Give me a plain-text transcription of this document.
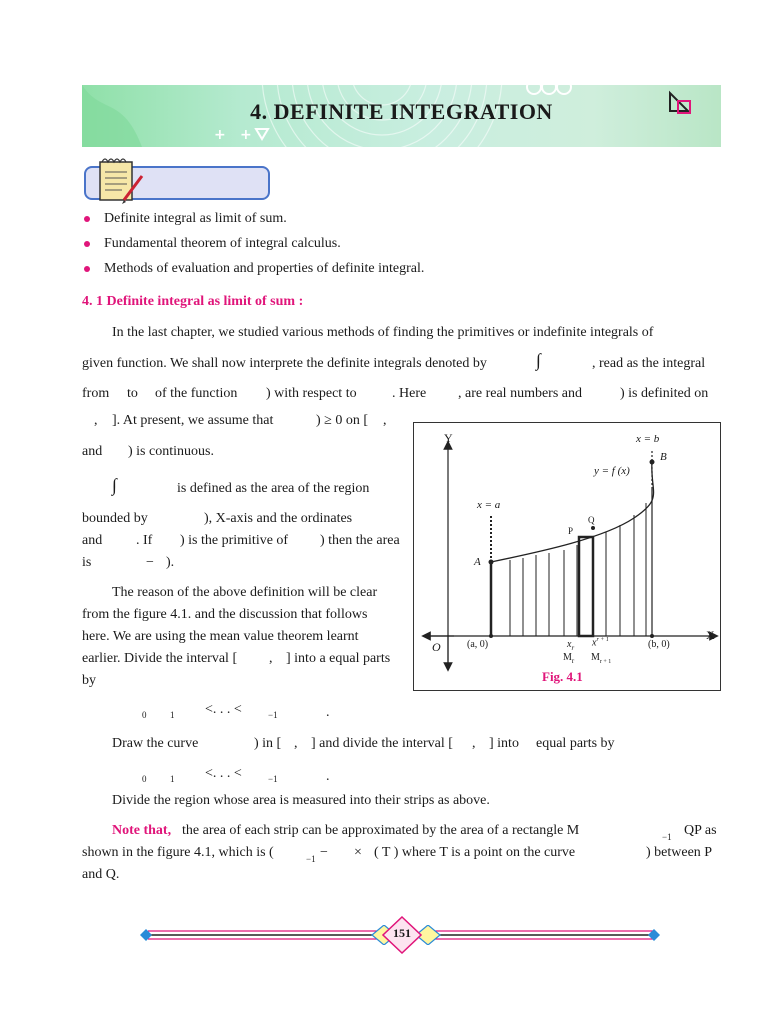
+ +
4. DEFINITE INTEGRATION
Definite integral as limit of sum.
Fundamental theorem of integral calculus.
Methods of evaluation and properties of definite integral.
4. 1 Definite integral as limit of sum :
In the last chapter, we studied various methods of finding the primitives or indefinite integrals of
given function. We shall now interprete the definite integrals denoted by	∫	, read as the integral
from to of the function ) with respect to	. Here , are real numbers and	) is definited on
, ]. At present, we assume that	) ≥ 0 on [ ,
and ) is continuous.
∫	is defined as the area of the region
bounded by	), X-axis and the ordinates
and . If ) is the primitive of ) then the area
is	− ).
The reason of the above definition will be clear
from the figure 4.1. and the discussion that follows
here. We are using the mean value theorem learnt
earlier. Divide the interval [ , ] into a equal parts
by
0	1 <. . . <	−1	.
Draw the curve	) in [ , ] and divide the interval [ , ] into equal parts by
0	1 <. . . <	−1	.
Divide the region whose area is measured into their strips as above.
Note that, the area of each strip can be approximated by the area of a rectangle M	−1 QP as
shown in the figure 4.1, which is (	−1 − × ( T ) where T is a point on the curve	) between P
and Q.
Y
X
O
x = b
B
y = f (x)
x = a
P
Q
A
(a, 0)	(b, 0)
$x_r$ $x^{r + 1}$
$M_r$ $M_{r + 1}$
Fig. 4.1
151
